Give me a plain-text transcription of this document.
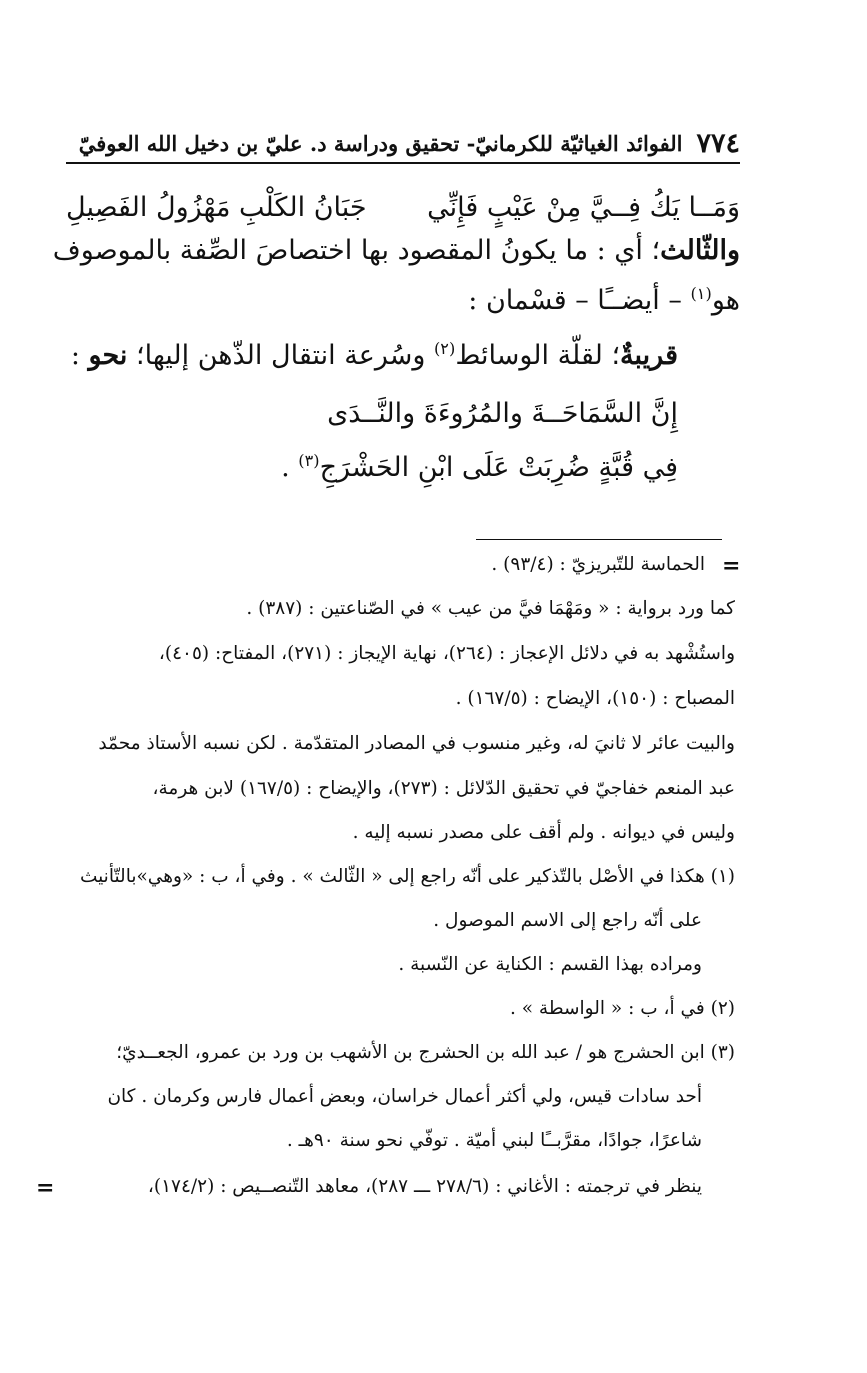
٧٧٤
الفوائد الغياثيّة للكرمانيّ- تحقيق ودراسة د. عليّ بن دخيل الله العوفيّ
وَمَــا يَكُ فِــيَّ مِنْ عَيْبٍ فَإِنِّي
جَبَانُ الكَلْبِ مَهْزُولُ الفَصِيلِ
والثّالث؛ أي : ما يكونُ المقصود بها اختصاصَ الصِّفة بالموصوف
هو$^{(١)}$ – أيضــًا – قسْمان :
قريبةٌ؛ لقلّة الوسائط$^{(٢)}$ وسُرعة انتقال الذّهن إليها؛ نحو :
إِنَّ السَّمَاحَــةَ والمُرُوءَةَ والنَّــدَى
فِي قُبَّةٍ ضُرِبَتْ عَلَى ابْنِ الحَشْرَجِ$^{(٣)}$ .
=
الحماسة للتّبريزيّ : (٩٣/٤) .
كما ورد برواية : « ومَهْمَا فيَّ من عيب » في الصّناعتين : (٣٨٧) .
واستُشْهد به في دلائل الإعجاز : (٢٦٤)، نهاية الإيجاز : (٢٧١)، المفتاح: (٤٠٥)،
المصباح : (١٥٠)، الإيضاح : (١٦٧/٥) .
والبيت عائر لا ثانيَ له، وغير منسوب في المصادر المتقدّمة . لكن نسبه الأستاذ محمّد
عبد المنعم خفاجيّ في تحقيق الدّلائل : (٢٧٣)، والإيضاح : (١٦٧/٥) لابن هرمة،
وليس في ديوانه . ولم أقف على مصدر نسبه إليه .
(١) هكذا في الأصْل بالتّذكير على أنّه راجع إلى « الثّالث » . وفي أ، ب : «وهي»بالتّأنيث
على أنّه راجع إلى الاسم الموصول .
ومراده بهذا القسم : الكناية عن النّسبة .
(٢) في أ، ب : « الواسطة » .
(٣) ابن الحشرج هو / عبد الله بن الحشرج بن الأشهب بن ورد بن عمرو، الجعــديّ؛
أحد سادات قيس، ولي أكثر أعمال خراسان، وبعض أعمال فارس وكرمان . كان
شاعرًا، جوادًا، مقرَّبــًا لبني أميّة . توفّي نحو سنة ٩٠هـ .
ينظر في ترجمته : الأغاني : (٢٧٨/٦ ـــ ٢٨٧)، معاهد التّنصــيص : (١٧٤/٢)،
=
